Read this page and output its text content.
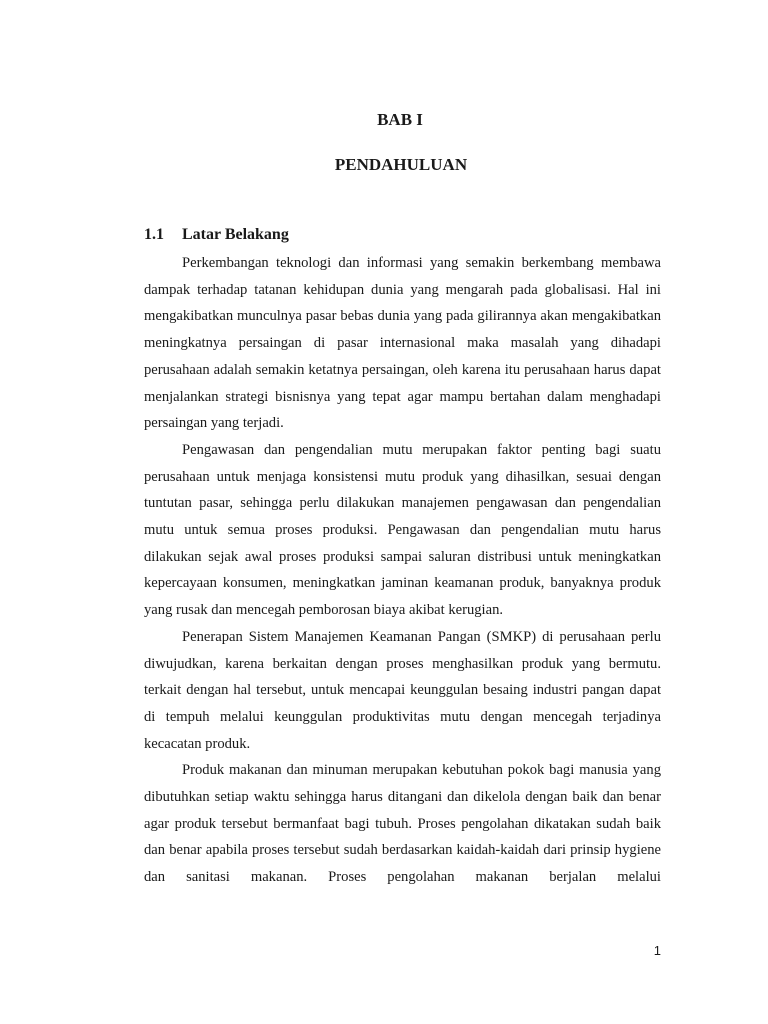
BAB I
PENDAHULUAN
1.1 Latar Belakang

Perkembangan teknologi dan informasi yang semakin berkembang membawa dampak terhadap tatanan kehidupan dunia yang mengarah pada globalisasi. Hal ini mengakibatkan munculnya pasar bebas dunia yang pada gilirannya akan mengakibatkan meningkatnya persaingan di pasar internasional maka masalah yang dihadapi perusahaan adalah semakin ketatnya persaingan, oleh karena itu perusahaan harus dapat menjalankan strategi bisnisnya yang tepat agar mampu bertahan dalam menghadapi persaingan yang terjadi.

Pengawasan dan pengendalian mutu merupakan faktor penting bagi suatu perusahaan untuk menjaga konsistensi mutu produk yang dihasilkan, sesuai dengan tuntutan pasar, sehingga perlu dilakukan manajemen pengawasan dan pengendalian mutu untuk semua proses produksi. Pengawasan dan pengendalian mutu harus dilakukan sejak awal proses produksi sampai saluran distribusi untuk meningkatkan kepercayaan konsumen, meningkatkan jaminan keamanan produk, banyaknya produk yang rusak dan mencegah pemborosan biaya akibat kerugian.

Penerapan Sistem Manajemen Keamanan Pangan (SMKP) di perusahaan perlu diwujudkan, karena berkaitan dengan proses menghasilkan produk yang bermutu. terkait dengan hal tersebut, untuk mencapai keunggulan besaing industri pangan dapat di tempuh melalui keunggulan produktivitas mutu dengan mencegah terjadinya kecacatan produk.

Produk makanan dan minuman merupakan kebutuhan pokok bagi manusia yang dibutuhkan setiap waktu sehingga harus ditangani dan dikelola dengan baik dan benar agar produk tersebut bermanfaat bagi tubuh. Proses pengolahan dikatakan sudah baik dan benar apabila proses tersebut sudah berdasarkan kaidah-kaidah dari prinsip hygiene dan sanitasi makanan. Proses pengolahan makanan berjalan melalui

1
